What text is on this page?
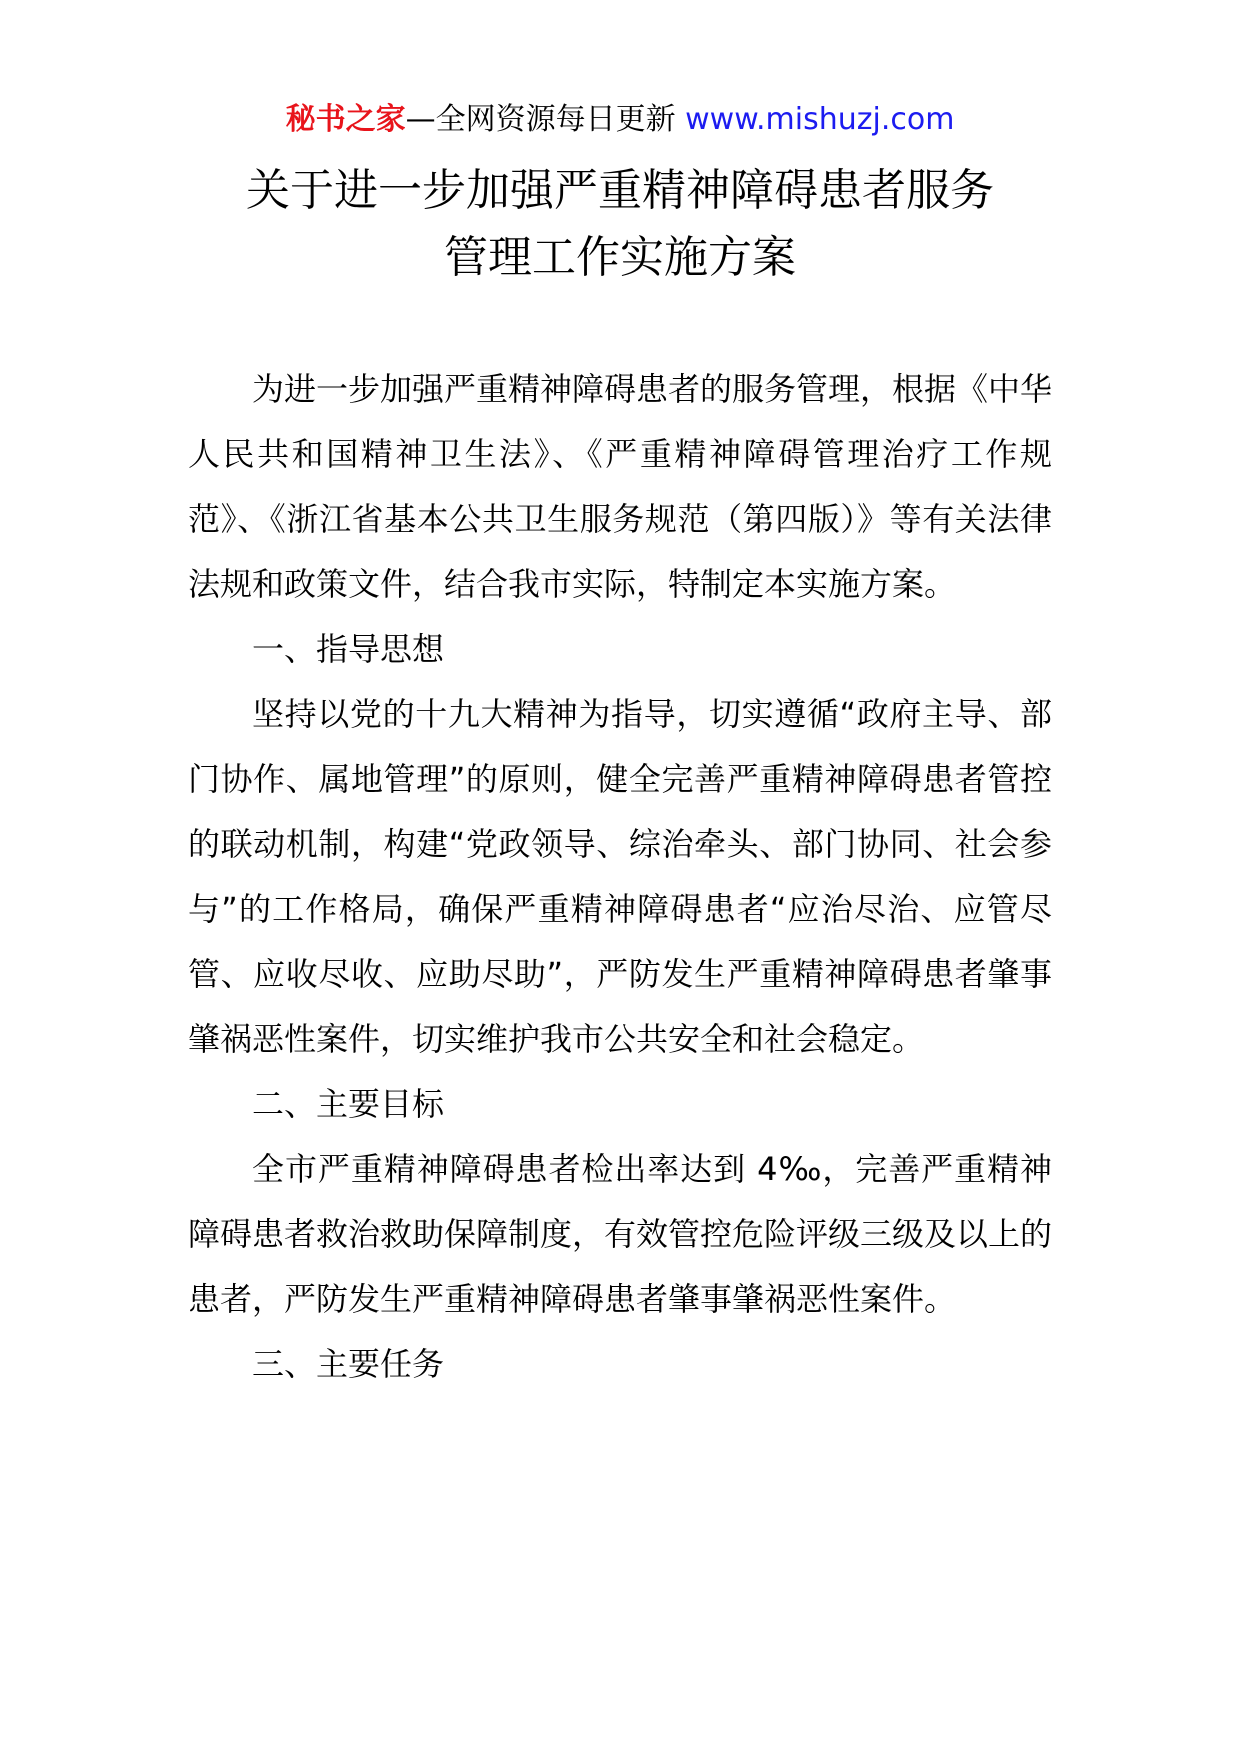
秘书之家—全网资源每日更新 www.mishuzj.com
关于进一步加强严重精神障碍患者服务
管理工作实施方案

为进一步加强严重精神障碍患者的服务管理，根据《中华人民共和国精神卫生法》、《严重精神障碍管理治疗工作规范》、《浙江省基本公共卫生服务规范（第四版）》等有关法律法规和政策文件，结合我市实际，特制定本实施方案。

一、指导思想

坚持以党的十九大精神为指导，切实遵循“政府主导、部门协作、属地管理”的原则，健全完善严重精神障碍患者管控的联动机制，构建“党政领导、综治牵头、部门协同、社会参与”的工作格局，确保严重精神障碍患者“应治尽治、应管尽管、应收尽收、应助尽助”，严防发生严重精神障碍患者肇事肇祸恶性案件，切实维护我市公共安全和社会稳定。

二、主要目标

全市严重精神障碍患者检出率达到 4‰，完善严重精神障碍患者救治救助保障制度，有效管控危险评级三级及以上的患者，严防发生严重精神障碍患者肇事肇祸恶性案件。

三、主要任务
